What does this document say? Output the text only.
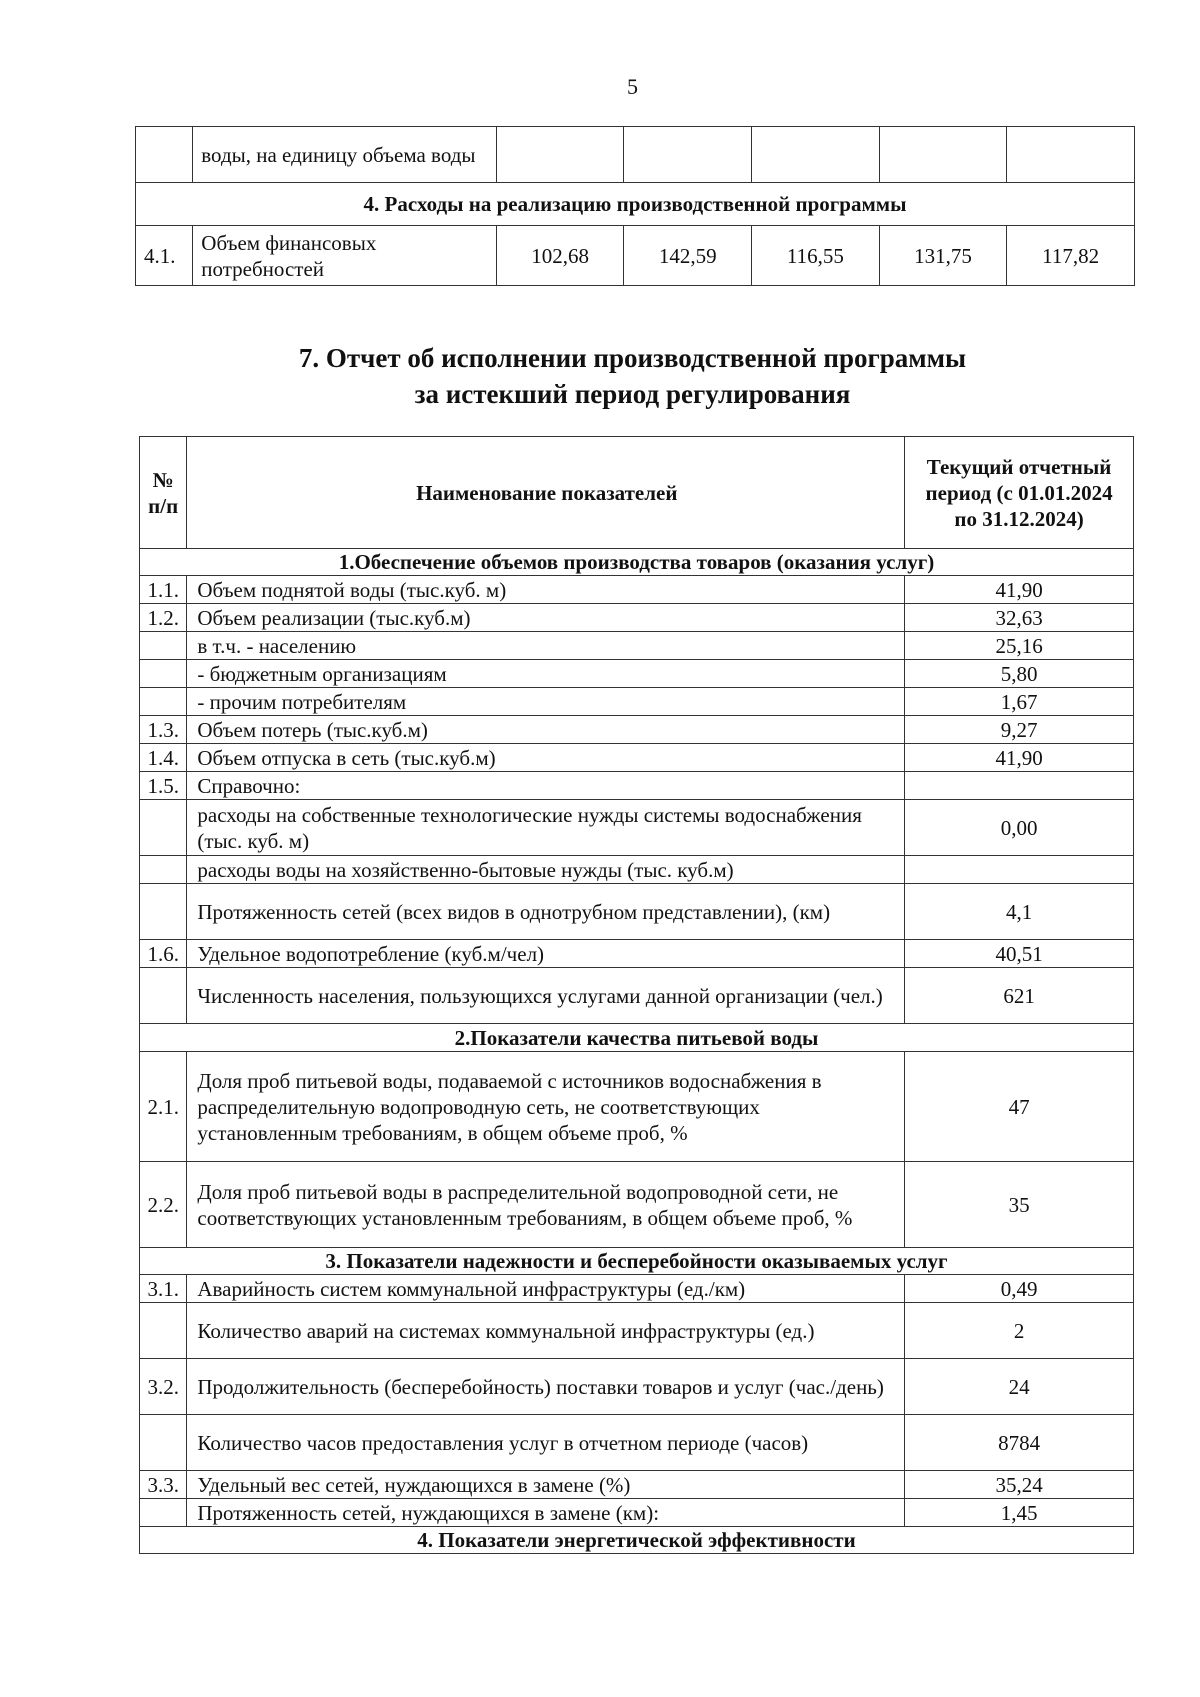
5
	воды, на единицу объема воды					
4. Расходы на реализацию производственной программы						
4.1.	Объем финансовых потребностей	102,68	142,59	116,55	131,75	117,82
7. Отчет об исполнении производственной программы
за истекший период регулирования
№ п/п	Наименование показателей	Текущий отчетный период (с 01.01.2024 по 31.12.2024)
1.Обеспечение объемов производства товаров (оказания услуг)		
1.1.	Объем поднятой воды (тыс.куб. м)	41,90
1.2.	Объем реализации (тыс.куб.м)	32,63
	в т.ч. - населению	25,16
	- бюджетным организациям	5,80
	- прочим потребителям	1,67
1.3.	Объем потерь (тыс.куб.м)	9,27
1.4.	Объем отпуска в сеть (тыс.куб.м)	41,90
1.5.	Справочно:	
	расходы на собственные технологические нужды системы водоснабжения (тыс. куб. м)	0,00
	расходы воды на хозяйственно-бытовые нужды (тыс. куб.м)	
	Протяженность сетей (всех видов в однотрубном представлении), (км)	4,1
1.6.	Удельное водопотребление (куб.м/чел)	40,51
	Численность населения, пользующихся услугами данной организации (чел.)	621
2.Показатели качества питьевой воды		
2.1.	Доля проб питьевой воды, подаваемой с источников водоснабжения в распределительную водопроводную сеть, не соответствующих установленным требованиям, в общем объеме проб, %	47
2.2.	Доля проб питьевой воды в распределительной водопроводной сети, не соответствующих установленным требованиям, в общем объеме проб, %	35
3. Показатели надежности и бесперебойности оказываемых услуг		
3.1.	Аварийность систем коммунальной инфраструктуры (ед./км)	0,49
	Количество аварий на системах коммунальной инфраструктуры (ед.)	2
3.2.	Продолжительность (бесперебойность) поставки товаров и услуг (час./день)	24
	Количество часов предоставления услуг в отчетном периоде (часов)	8784
3.3.	Удельный вес сетей, нуждающихся в замене (%)	35,24
	Протяженность сетей, нуждающихся в замене (км):	1,45
4. Показатели энергетической эффективности		
